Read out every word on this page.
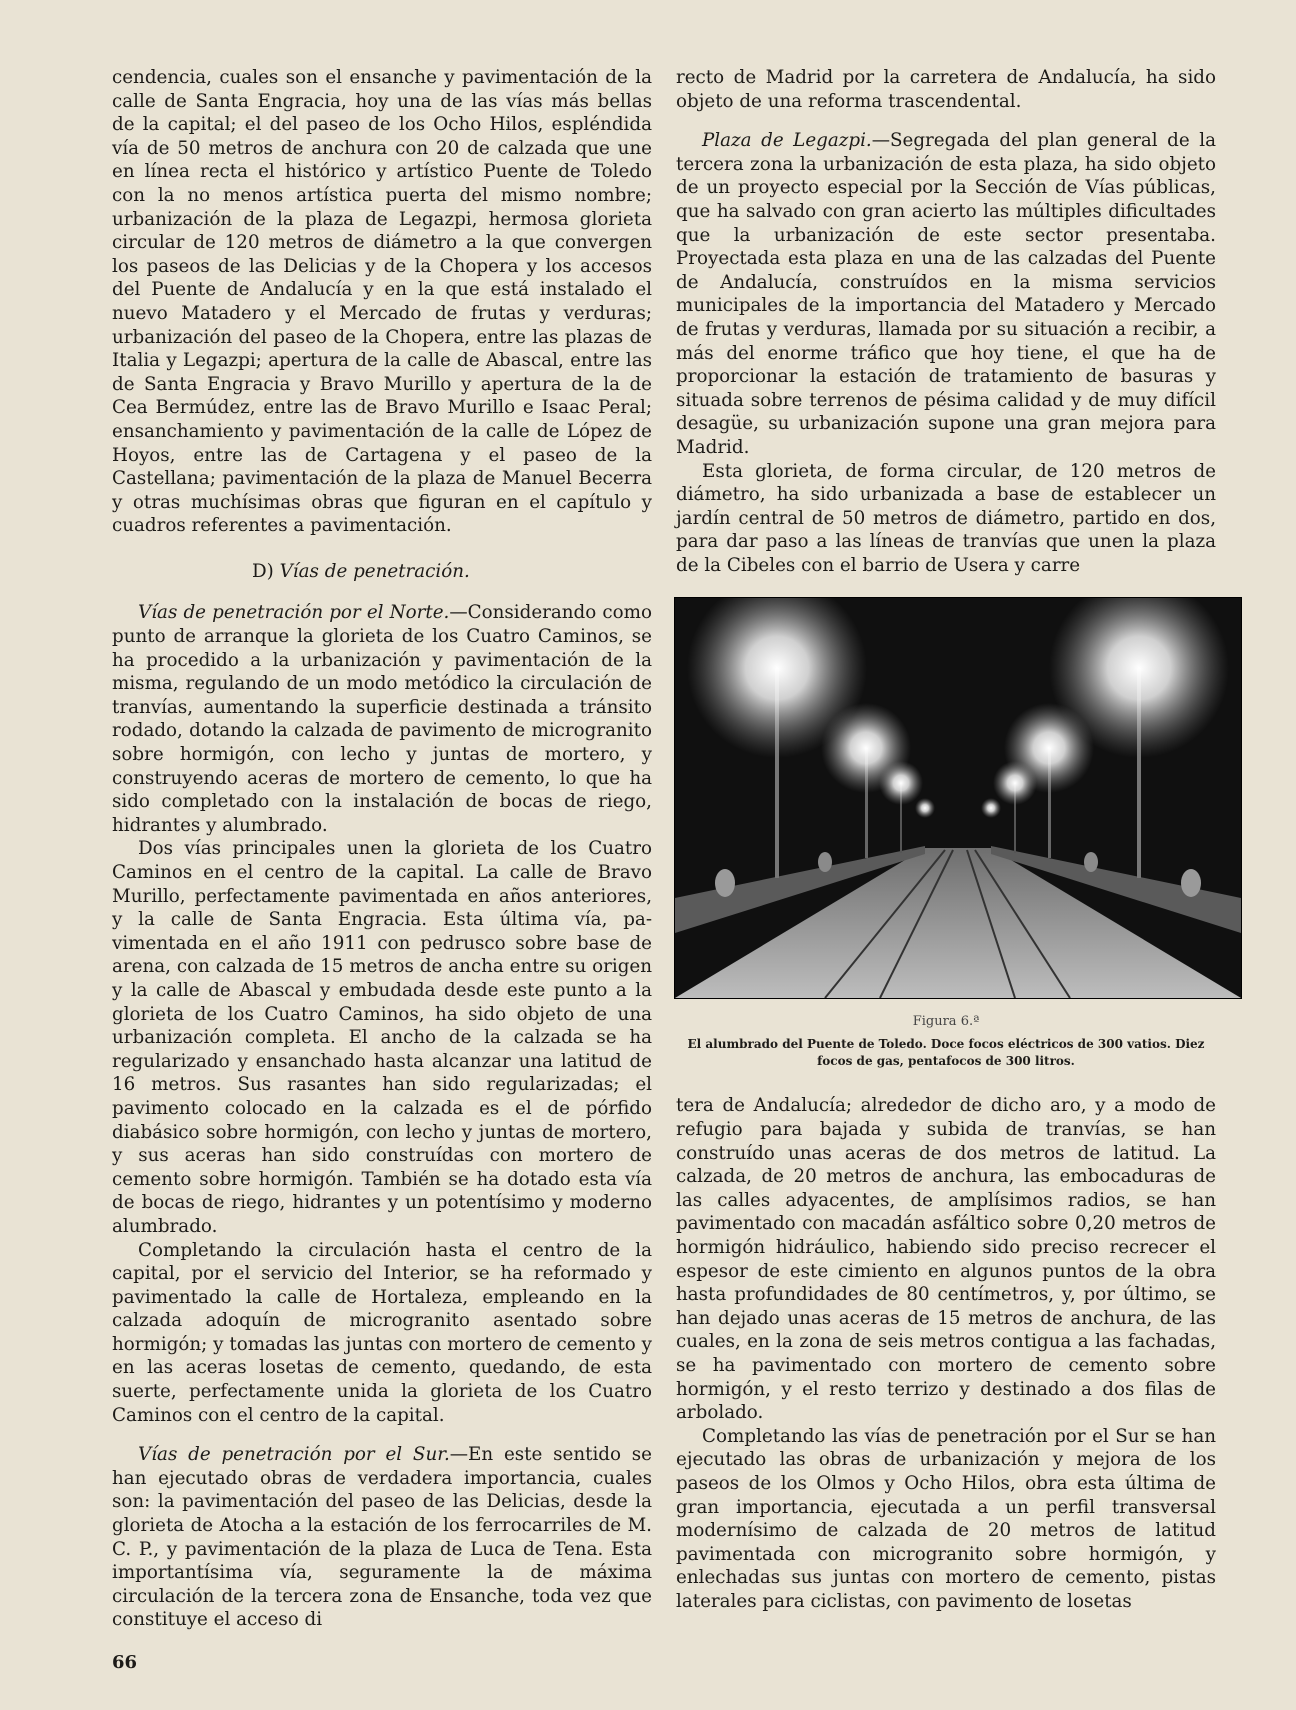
cendencia, cuales son el ensanche y pavimentación de la calle de Santa Engracia, hoy una de las vías más bellas de la capital; el del paseo de los Ocho Hilos, espléndida vía de 50 metros de anchura con 20 de calzada que une en línea recta el histórico y artístico Puente de Toledo con la no menos artística puerta del mismo nombre; urbanización de la plaza de Legazpi, hermosa glorieta circular de 120 metros de diámetro a la que convergen los paseos de las Delicias y de la Chopera y los accesos del Puente de Andalucía y en la que está instalado el nuevo Matadero y el Mercado de frutas y verduras; urbanización del paseo de la Chopera, entre las plazas de Italia y Legazpi; apertura de la calle de Abascal, entre las de Santa Engracia y Bravo Murillo y apertura de la de Cea Bermúdez, entre las de Bravo Murillo e Isaac Peral; ensanchamiento y pavimentación de la calle de López de Hoyos, entre las de Cartagena y el paseo de la Castellana; pavimentación de la plaza de Manuel Becerra y otras muchísimas obras que figuran en el capítulo y cuadros referentes a pavimentación.

D) Vías de penetración.

Vías de penetración por el Norte.—Considerando como punto de arranque la glorieta de los Cuatro Caminos, se ha procedido a la urbanización y pavimentación de la misma, regulando de un modo metódico la circulación de tranvías, aumentando la superficie destinada a tránsito rodado, dotando la calzada de pavimento de microgranito sobre hormigón, con lecho y juntas de mortero, y construyendo aceras de mortero de cemento, lo que ha sido completado con la instalación de bocas de riego, hidrantes y alumbrado.

Dos vías principales unen la glorieta de los Cuatro Caminos en el centro de la capital. La calle de Bravo Murillo, perfectamente pavimentada en años anteriores, y la calle de Santa Engracia. Esta última vía, pavimentada en el año 1911 con pedrusco sobre base de arena, con calzada de 15 metros de ancha entre su origen y la calle de Abascal y embudada desde este punto a la glorieta de los Cuatro Caminos, ha sido objeto de una urbanización completa. El ancho de la calzada se ha regularizado y ensanchado hasta alcanzar una latitud de 16 metros. Sus rasantes han sido regularizadas; el pavimento colocado en la calzada es el de pórfido diabásico sobre hormigón, con lecho y juntas de mortero, y sus aceras han sido construídas con mortero de cemento sobre hormigón. También se ha dotado esta vía de bocas de riego, hidrantes y un potentísimo y moderno alumbrado.

Completando la circulación hasta el centro de la capital, por el servicio del Interior, se ha reformado y pavimentado la calle de Hortaleza, empleando en la calzada adoquín de microgranito asentado sobre hormigón; y tomadas las juntas con mortero de cemento y en las aceras losetas de cemento, quedando, de esta suerte, perfectamente unida la glorieta de los Cuatro Caminos con el centro de la capital.

Vías de penetración por el Sur.—En este sentido se han ejecutado obras de verdadera importancia, cuales son: la pavimentación del paseo de las Delicias, desde la glorieta de Atocha a la estación de los ferrocarriles de M. C. P., y pavimentación de la plaza de Luca de Tena. Esta importantísima vía, seguramente la de máxima circulación de la tercera zona de Ensanche, toda vez que constituye el acceso di

recto de Madrid por la carretera de Andalucía, ha sido objeto de una reforma trascendental.

Plaza de Legazpi.—Segregada del plan general de la tercera zona la urbanización de esta plaza, ha sido objeto de un proyecto especial por la Sección de Vías públicas, que ha salvado con gran acierto las múltiples dificultades que la urbanización de este sector presentaba. Proyectada esta plaza en una de las calzadas del Puente de Andalucía, construídos en la misma servicios municipales de la importancia del Matadero y Mercado de frutas y verduras, llamada por su situación a recibir, a más del enorme tráfico que hoy tiene, el que ha de proporcionar la estación de tratamiento de basuras y situada sobre terrenos de pésima calidad y de muy difícil desagüe, su urbanización supone una gran mejora para Madrid.

Esta glorieta, de forma circular, de 120 metros de diámetro, ha sido urbanizada a base de establecer un jardín central de 50 metros de diámetro, partido en dos, para dar paso a las líneas de tranvías que unen la plaza de la Cibeles con el barrio de Usera y carre

Figura 6.ª
El alumbrado del Puente de Toledo. Doce focos eléctricos de 300 vatios. Diez focos de gas, pentafocos de 300 litros.

tera de Andalucía; alrededor de dicho aro, y a modo de refugio para bajada y subida de tranvías, se han construído unas aceras de dos metros de latitud. La calzada, de 20 metros de anchura, las embocaduras de las calles adyacentes, de amplísimos radios, se han pavimentado con macadán asfáltico sobre 0,20 metros de hormigón hidráulico, habiendo sido preciso recrecer el espesor de este cimiento en algunos puntos de la obra hasta profundidades de 80 centímetros, y, por último, se han dejado unas aceras de 15 metros de anchura, de las cuales, en la zona de seis metros contigua a las fachadas, se ha pavimentado con mortero de cemento sobre hormigón, y el resto terrizo y destinado a dos filas de arbolado.

Completando las vías de penetración por el Sur se han ejecutado las obras de urbanización y mejora de los paseos de los Olmos y Ocho Hilos, obra esta última de gran importancia, ejecutada a un perfil transversal modernísimo de calzada de 20 metros de latitud pavimentada con microgranito sobre hormigón, y enlechadas sus juntas con mortero de cemento, pistas laterales para ciclistas, con pavimento de losetas

66
